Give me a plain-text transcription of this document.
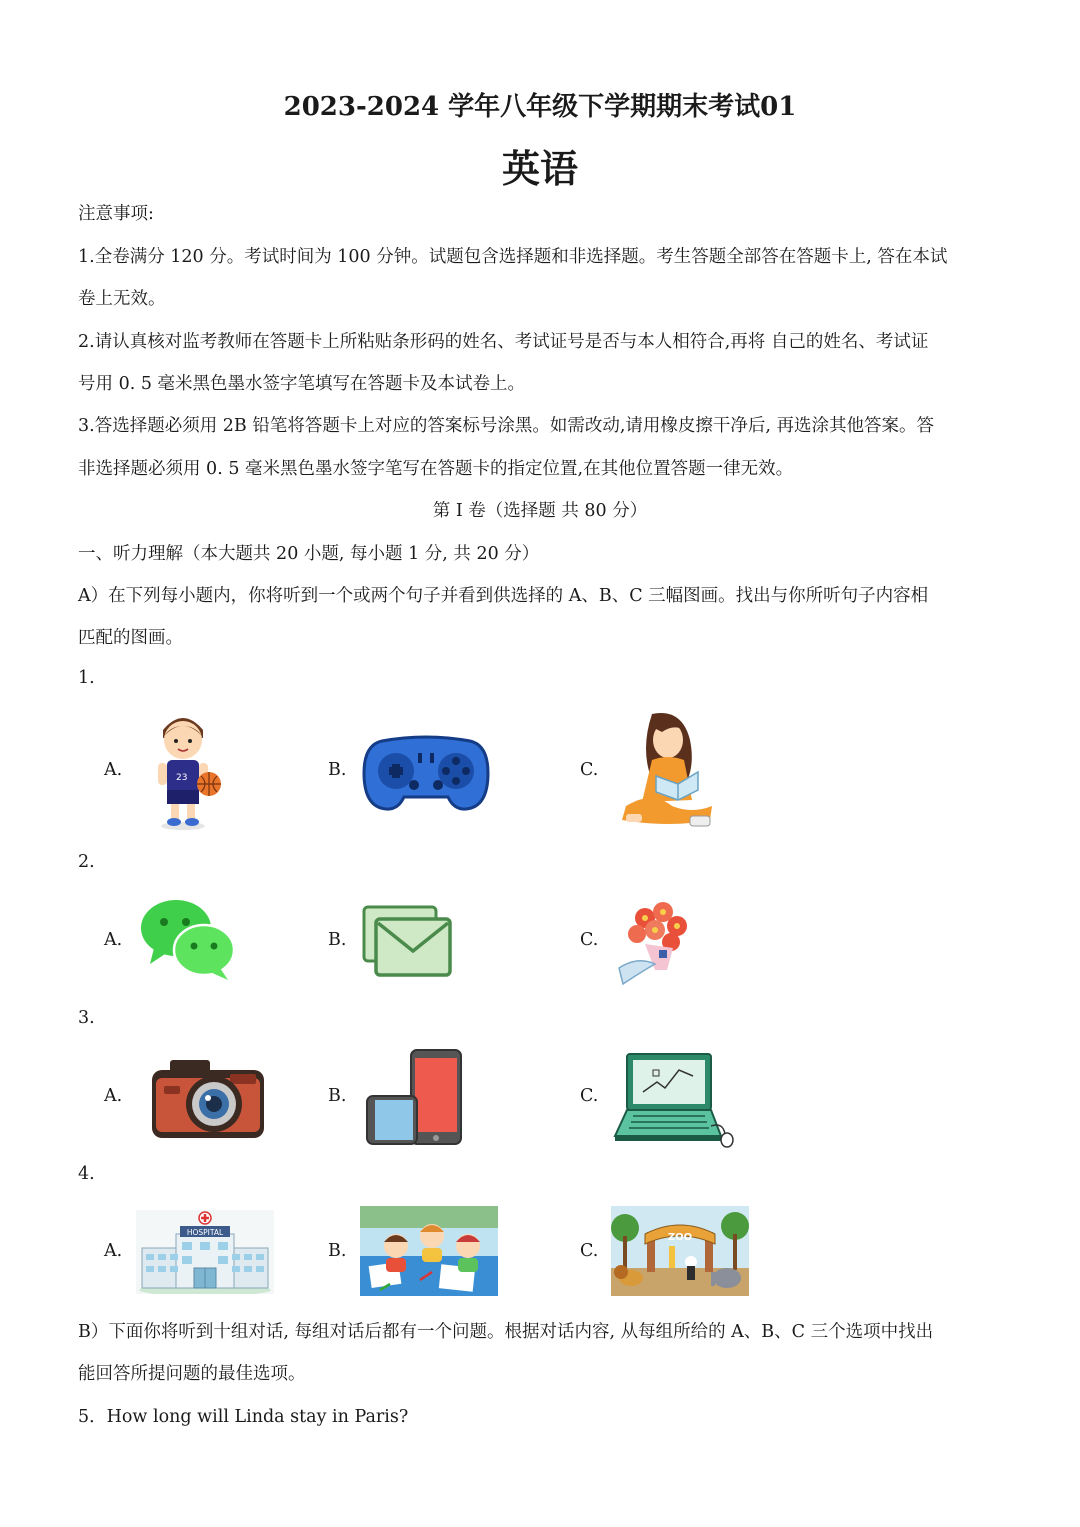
2023-2024 学年八年级下学期期末考试01
英语
注意事项:
1.全卷满分 120 分。考试时间为 100 分钟。试题包含选择题和非选择题。考生答题全部答在答题卡上, 答在本试
卷上无效。
2.请认真核对监考教师在答题卡上所粘贴条形码的姓名、考试证号是否与本人相符合,再将 自己的姓名、考试证
号用 0. 5 毫米黑色墨水签字笔填写在答题卡及本试卷上。
3.答选择题必须用 2B 铅笔将答题卡上对应的答案标号涂黑。如需改动,请用橡皮擦干净后, 再选涂其他答案。答
非选择题必须用 0. 5 毫米黑色墨水签字笔写在答题卡的指定位置,在其他位置答题一律无效。
第 I 卷（选择题 共 80 分）
一、听力理解（本大题共 20 小题, 每小题 1 分, 共 20 分）
A）在下列每小题内，你将听到一个或两个句子并看到供选择的 A、B、C 三幅图画。找出与你所听句子内容相
匹配的图画。
1.
A.	B.	C.
23
2.
A.	B.	C.
3.
A.	B.	C.
4.
A.	B.	C.
HOSPITAL	ZOO
B）下面你将听到十组对话, 每组对话后都有一个问题。根据对话内容, 从每组所给的 A、B、C 三个选项中找出
能回答所提问题的最佳选项。
5．How long will Linda stay in Paris?
